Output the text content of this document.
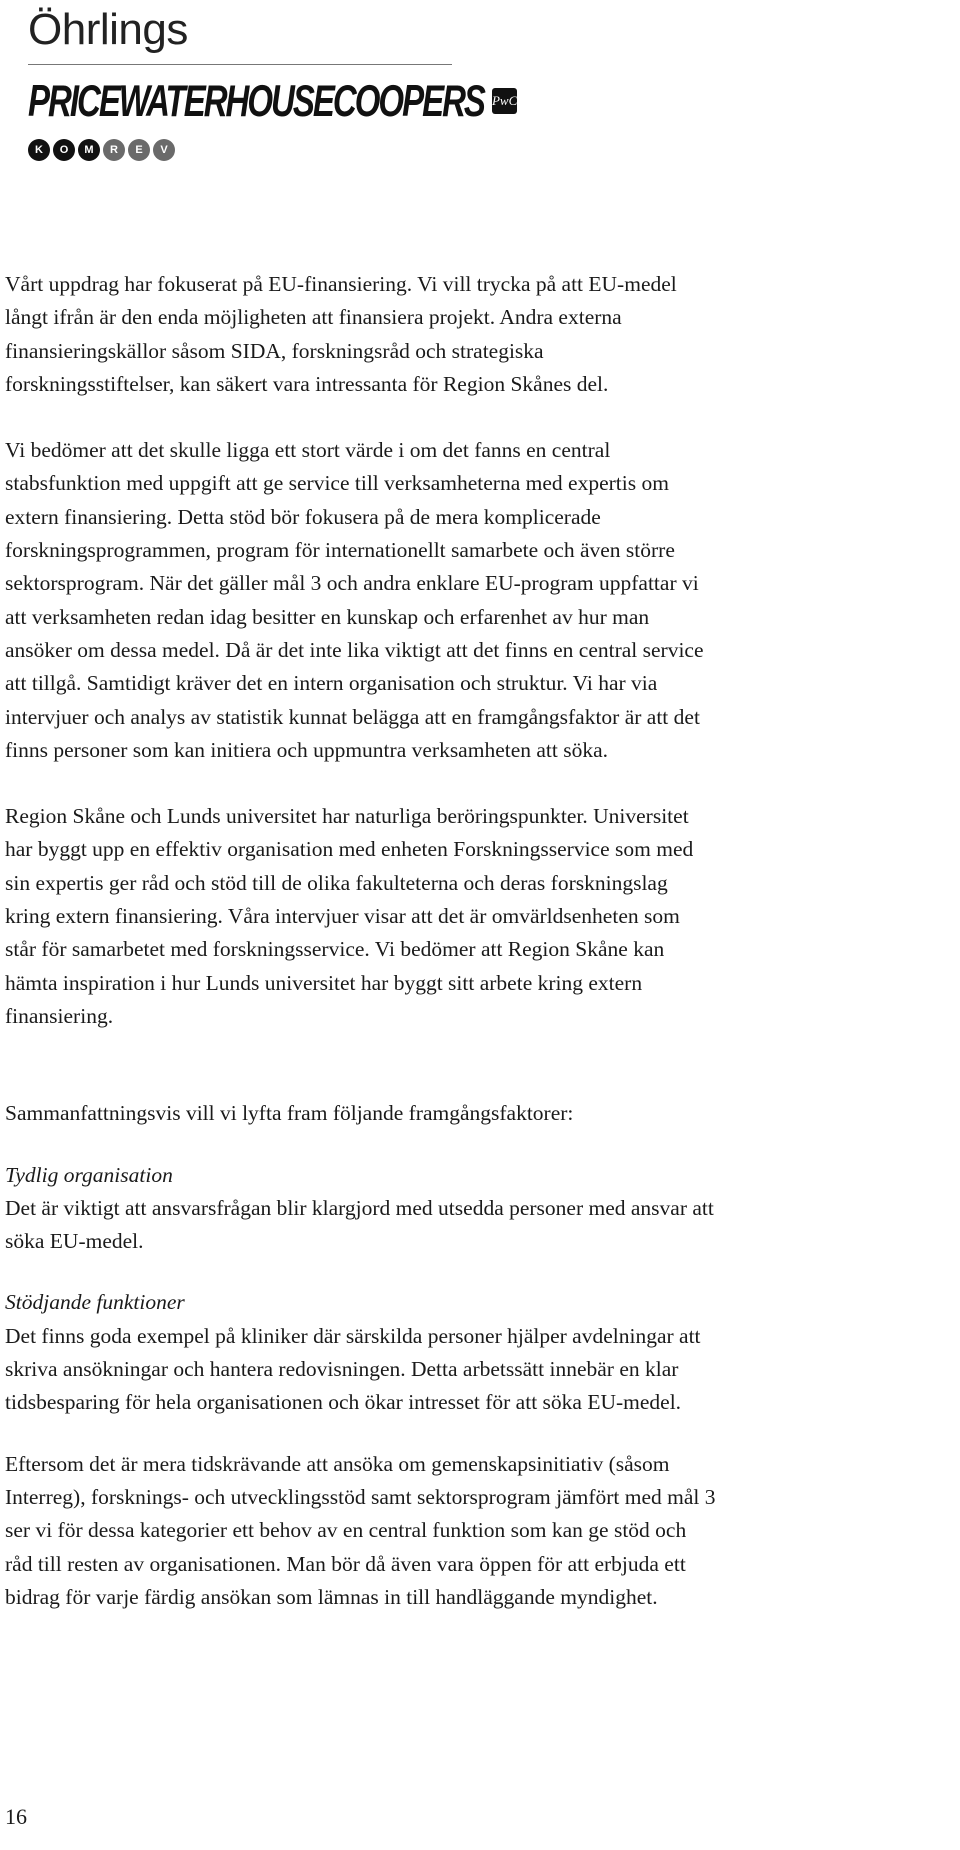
Öhrlings
PRICEWATERHOUSECOOPERS PwC
K	O	M	R	E	V

Vårt uppdrag har fokuserat på EU-finansiering. Vi vill trycka på att EU-medel
långt ifrån är den enda möjligheten att finansiera projekt. Andra externa
finansieringskällor såsom SIDA, forskningsråd och strategiska
forskningsstiftelser, kan säkert vara intressanta för Region Skånes del.

Vi bedömer att det skulle ligga ett stort värde i om det fanns en central
stabsfunktion med uppgift att ge service till verksamheterna med expertis om
extern finansiering. Detta stöd bör fokusera på de mera komplicerade
forskningsprogrammen, program för internationellt samarbete och även större
sektorsprogram. När det gäller mål 3 och andra enklare EU-program uppfattar vi
att verksamheten redan idag besitter en kunskap och erfarenhet av hur man
ansöker om dessa medel. Då är det inte lika viktigt att det finns en central service
att tillgå. Samtidigt kräver det en intern organisation och struktur. Vi har via
intervjuer och analys av statistik kunnat belägga att en framgångsfaktor är att det
finns personer som kan initiera och uppmuntra verksamheten att söka.

Region Skåne och Lunds universitet har naturliga beröringspunkter. Universitet
har byggt upp en effektiv organisation med enheten Forskningsservice som med
sin expertis ger råd och stöd till de olika fakulteterna och deras forskningslag
kring extern finansiering. Våra intervjuer visar att det är omvärldsenheten som
står för samarbetet med forskningsservice. Vi bedömer att Region Skåne kan
hämta inspiration i hur Lunds universitet har byggt sitt arbete kring extern
finansiering.

Sammanfattningsvis vill vi lyfta fram följande framgångsfaktorer:

Tydlig organisation

Det är viktigt att ansvarsfrågan blir klargjord med utsedda personer med ansvar att
söka EU-medel.

Stödjande funktioner

Det finns goda exempel på kliniker där särskilda personer hjälper avdelningar att
skriva ansökningar och hantera redovisningen. Detta arbetssätt innebär en klar
tidsbesparing för hela organisationen och ökar intresset för att söka EU-medel.

Eftersom det är mera tidskrävande att ansöka om gemenskapsinitiativ (såsom
Interreg), forsknings- och utvecklingsstöd samt sektorsprogram jämfört med mål 3
ser vi för dessa kategorier ett behov av en central funktion som kan ge stöd och
råd till resten av organisationen. Man bör då även vara öppen för att erbjuda ett
bidrag för varje färdig ansökan som lämnas in till handläggande myndighet.

16
